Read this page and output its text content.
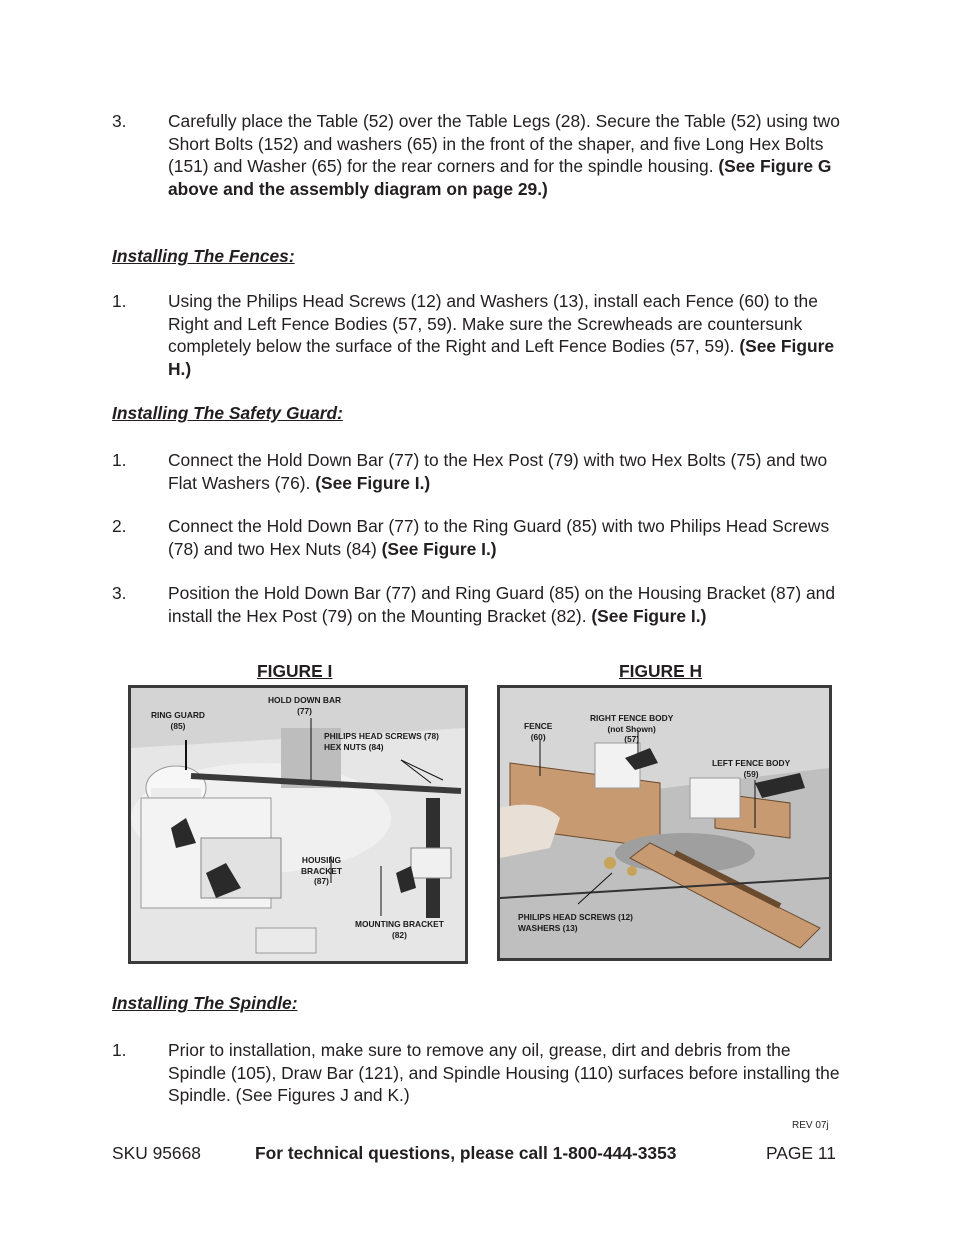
3. Carefully place the Table (52) over the Table Legs (28). Secure the Table (52) using two Short Bolts (152) and washers (65) in the front of the shaper, and five Long Hex Bolts (151) and Washer (65) for the rear corners and for the spindle housing. (See Figure G above and the assembly diagram on page 29.)
Installing The Fences:
1. Using the Philips Head Screws (12) and Washers (13), install each Fence (60) to the Right and Left Fence Bodies (57, 59). Make sure the Screwheads are countersunk completely below the surface of the Right and Left Fence Bodies (57, 59). (See Figure H.)
Installing The Safety Guard:
1. Connect the Hold Down Bar (77) to the Hex Post (79) with two Hex Bolts (75) and two Flat Washers (76). (See Figure I.)
2. Connect the Hold Down Bar (77) to the Ring Guard (85) with two Philips Head Screws (78) and two Hex Nuts (84) (See Figure I.)
3. Position the Hold Down Bar (77) and Ring Guard (85) on the Housing Bracket (87) and install the Hex Post (79) on the Mounting Bracket (82). (See Figure I.)
FIGURE I
RING GUARD
(85)
HOLD DOWN BAR
(77)
PHILIPS HEAD SCREWS (78)
HEX NUTS (84)
HOUSING
BRACKET
(87)
MOUNTING BRACKET
(82)
FIGURE H
FENCE
(60)
RIGHT FENCE BODY
(not Shown)
(57)
LEFT FENCE BODY
(59)
PHILIPS HEAD SCREWS (12)
WASHERS (13)
Installing The Spindle:
1. Prior to installation, make sure to remove any oil, grease, dirt and debris from the Spindle (105), Draw Bar (121), and Spindle Housing (110) surfaces before installing the Spindle. (See Figures J and K.)
REV 07j
SKU 95668	For technical questions, please call 1-800-444-3353	PAGE 11
